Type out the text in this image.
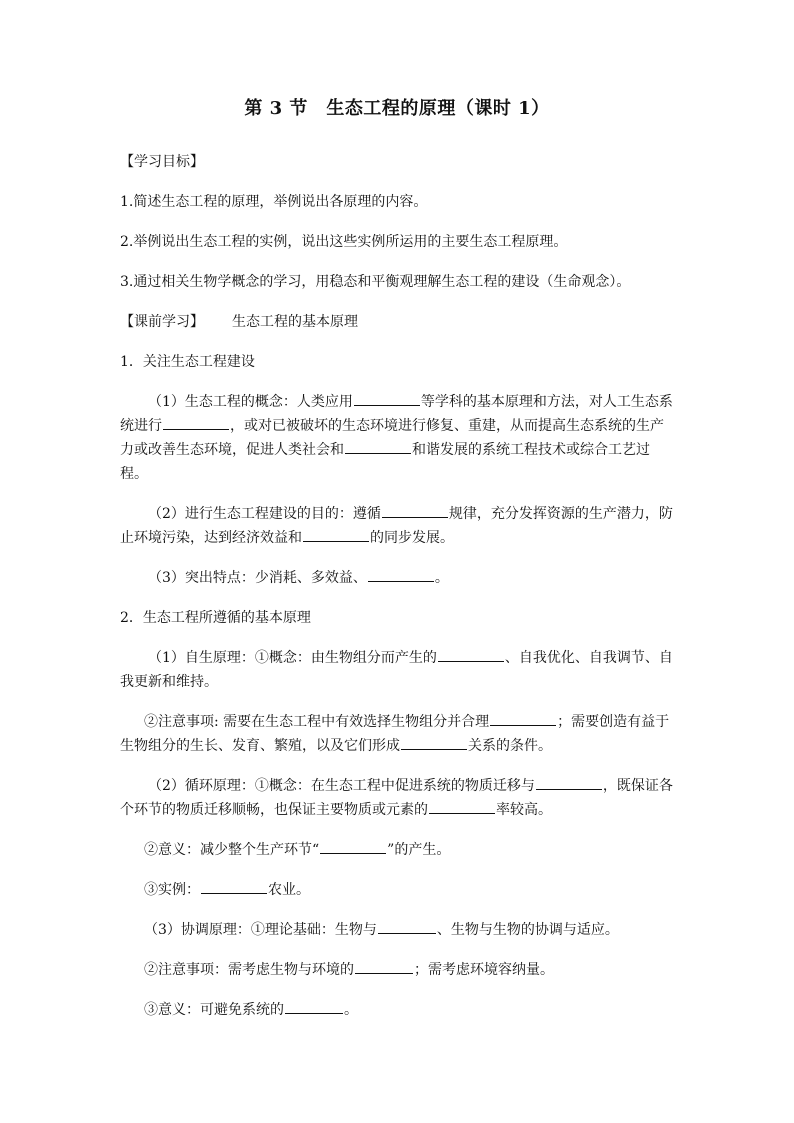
第 3 节　生态工程的原理（课时 1）

【学习目标】

1.简述生态工程的原理，举例说出各原理的内容。

2.举例说出生态工程的实例，说出这些实例所运用的主要生态工程原理。

3.通过相关生物学概念的学习，用稳态和平衡观理解生态工程的建设（生命观念）。

【课前学习】 生态工程的基本原理

1．关注生态工程建设

（1）生态工程的概念：人类应用	等学科的基本原理和方法，对人工生态系统进行	，或对已被破坏的生态环境进行修复、重建，从而提高生态系统的生产力或改善生态环境，促进人类社会和	和谐发展的系统工程技术或综合工艺过程。

（2）进行生态工程建设的目的：遵循	规律，充分发挥资源的生产潜力，防止环境污染，达到经济效益和	的同步发展。

（3）突出特点：少消耗、多效益、	。

2．生态工程所遵循的基本原理

（1）自生原理：①概念：由生物组分而产生的	、自我优化、自我调节、自我更新和维持。

②注意事项: 需要在生态工程中有效选择生物组分并合理	；需要创造有益于生物组分的生长、发育、繁殖，以及它们形成	关系的条件。

（2）循环原理：①概念：在生态工程中促进系统的物质迁移与	，既保证各个环节的物质迁移顺畅，也保证主要物质或元素的	率较高。

②意义：减少整个生产环节“	”的产生。

③实例：	农业。

（3）协调原理：①理论基础：生物与	、生物与生物的协调与适应。

②注意事项：需考虑生物与环境的	；需考虑环境容纳量。

③意义：可避免系统的	。
